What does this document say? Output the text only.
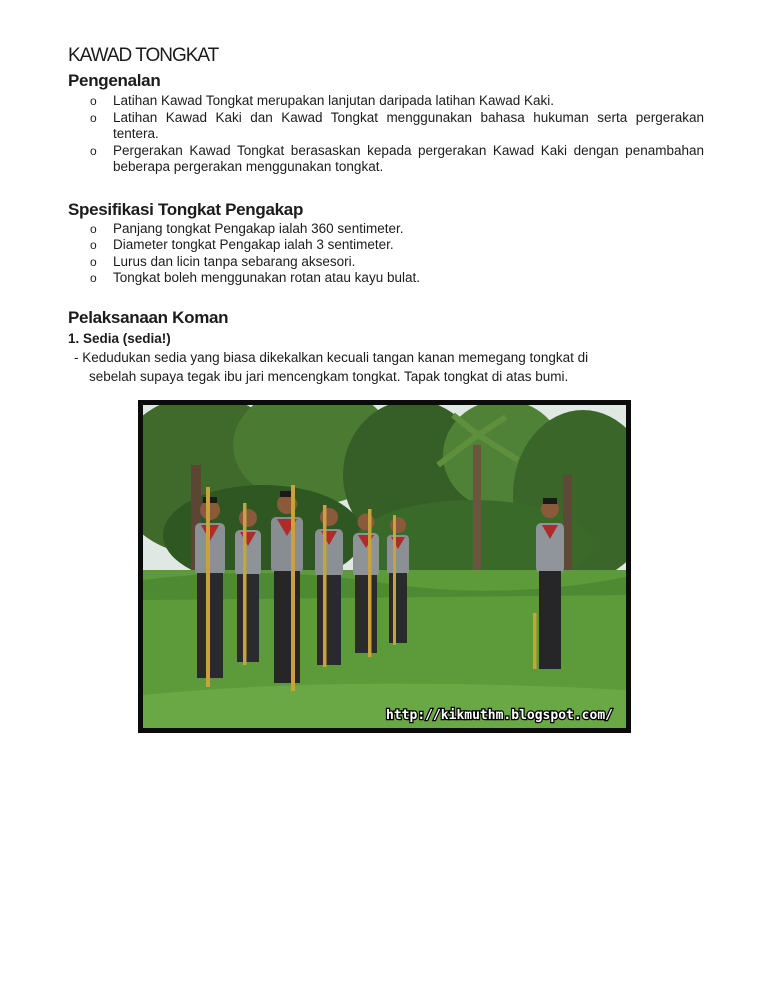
KAWAD TONGKAT
Pengenalan
o Latihan Kawad Tongkat merupakan lanjutan daripada latihan Kawad Kaki.
o Latihan Kawad Kaki dan Kawad Tongkat menggunakan bahasa hukuman serta pergerakan tentera.
o Pergerakan Kawad Tongkat berasaskan kepada pergerakan Kawad Kaki dengan penambahan beberapa pergerakan menggunakan tongkat.
Spesifikasi Tongkat Pengakap
o Panjang tongkat Pengakap ialah 360 sentimeter.
o Diameter tongkat Pengakap ialah 3 sentimeter.
o Lurus dan licin tanpa sebarang aksesori.
o Tongkat boleh menggunakan rotan atau kayu bulat.
Pelaksanaan Koman
1. Sedia (sedia!)

- Kedudukan sedia yang biasa dikekalkan kecuali tangan kanan memegang tongkat di
sebelah supaya tegak ibu jari mencengkam tongkat. Tapak tongkat di atas bumi.

http://kikmuthm.blogspot.com/
